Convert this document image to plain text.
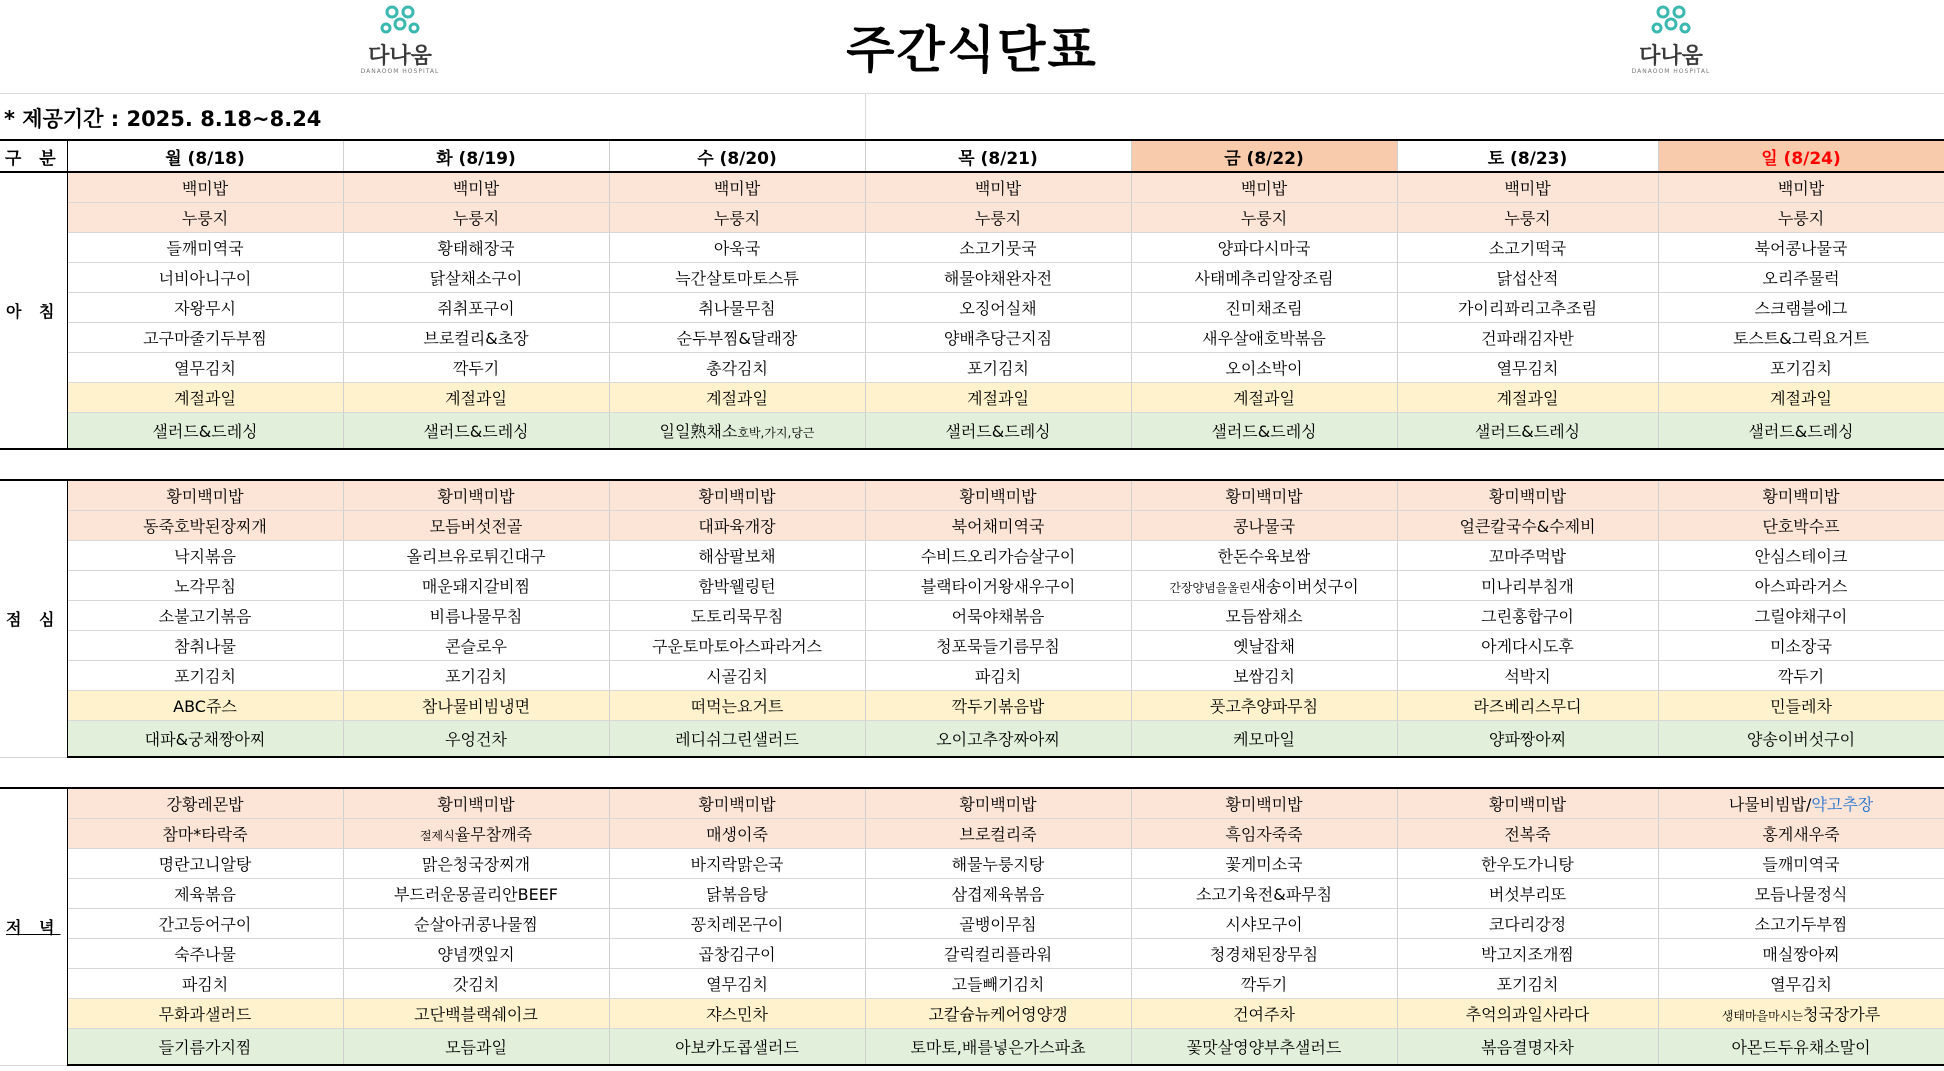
다나움
DANAOOM HOSPITAL	주간식단표	다나움
DANAOOM HOSPITAL
* 제공기간 : 2025. 8.18~8.24
구 분	월 (8/18)	화 (8/19)	수 (8/20)	목 (8/21)	금 (8/22)	토 (8/23)	일 (8/24)
아 침	백미밥	백미밥	백미밥	백미밥	백미밥	백미밥	백미밥
	누룽지	누룽지	누룽지	누룽지	누룽지	누룽지	누룽지
	들깨미역국	황태해장국	아욱국	소고기뭇국	양파다시마국	소고기떡국	북어콩나물국
	너비아니구이	닭살채소구이	늑간살토마토스튜	해물야채완자전	사태메추리알장조림	닭섭산적	오리주물럭
	자왕무시	쥐취포구이	취나물무침	오징어실채	진미채조림	가이리꽈리고추조림	스크램블에그
	고구마줄기두부찜	브로컬리&초장	순두부찜&달래장	양배추당근지짐	새우살애호박볶음	건파래김자반	토스트&그릭요거트
	열무김치	깍두기	총각김치	포기김치	오이소박이	열무김치	포기김치
	계절과일	계절과일	계절과일	계절과일	계절과일	계절과일	계절과일
	샐러드&드레싱	샐러드&드레싱	일일熟채소호박,가지,당근	샐러드&드레싱	샐러드&드레싱	샐러드&드레싱	샐러드&드레싱

점 심	황미백미밥	황미백미밥	황미백미밥	황미백미밥	황미백미밥	황미백미밥	황미백미밥
	동죽호박된장찌개	모듬버섯전골	대파육개장	북어채미역국	콩나물국	얼큰칼국수&수제비	단호박수프
	낙지볶음	올리브유로튀긴대구	해삼팔보채	수비드오리가슴살구이	한돈수육보쌈	꼬마주먹밥	안심스테이크
	노각무침	매운돼지갈비찜	함박웰링턴	블랙타이거왕새우구이	간장양념을올린새송이버섯구이	미나리부침개	아스파라거스
	소불고기볶음	비름나물무침	도토리묵무침	어묵야채볶음	모듬쌈채소	그린홍합구이	그릴야채구이
	참취나물	콘슬로우	구운토마토아스파라거스	청포묵들기름무침	옛날잡채	아게다시도후	미소장국
	포기김치	포기김치	시골김치	파김치	보쌈김치	석박지	깍두기
	ABC쥬스	참나물비빔냉면	떠먹는요거트	깍두기볶음밥	풋고추양파무침	라즈베리스무디	민들레차
	대파&궁채짱아찌	우엉건차	레디쉬그린샐러드	오이고추장짜아찌	케모마일	양파짱아찌	양송이버섯구이

저 녁	강황레몬밥	황미백미밥	황미백미밥	황미백미밥	황미백미밥	황미백미밥	나물비빔밥/약고추장
	참마*타락죽	절제식율무참깨죽	매생이죽	브로컬리죽	흑임자죽죽	전복죽	홍게새우죽
	명란고니알탕	맑은청국장찌개	바지락맑은국	해물누룽지탕	꽃게미소국	한우도가니탕	들깨미역국
	제육볶음	부드러운몽골리안BEEF	닭볶음탕	삼겹제육볶음	소고기육전&파무침	버섯부리또	모듬나물정식
	간고등어구이	순살아귀콩나물찜	꽁치레몬구이	골뱅이무침	시샤모구이	코다리강정	소고기두부찜
	숙주나물	양념깻잎지	곱창김구이	갈릭컬리플라워	청경채된장무침	박고지조개찜	매실짱아찌
	파김치	갓김치	열무김치	고들빼기김치	깍두기	포기김치	열무김치
	무화과샐러드	고단백블랙쉐이크	쟈스민차	고칼슘뉴케어영양갱	건여주차	추억의과일사라다	생태마을마시는청국장가루
	들기름가지찜	모듬과일	아보카도콥샐러드	토마토,배를넣은가스파쵸	꽃맛살영양부추샐러드	볶음결명자차	아몬드두유채소말이
